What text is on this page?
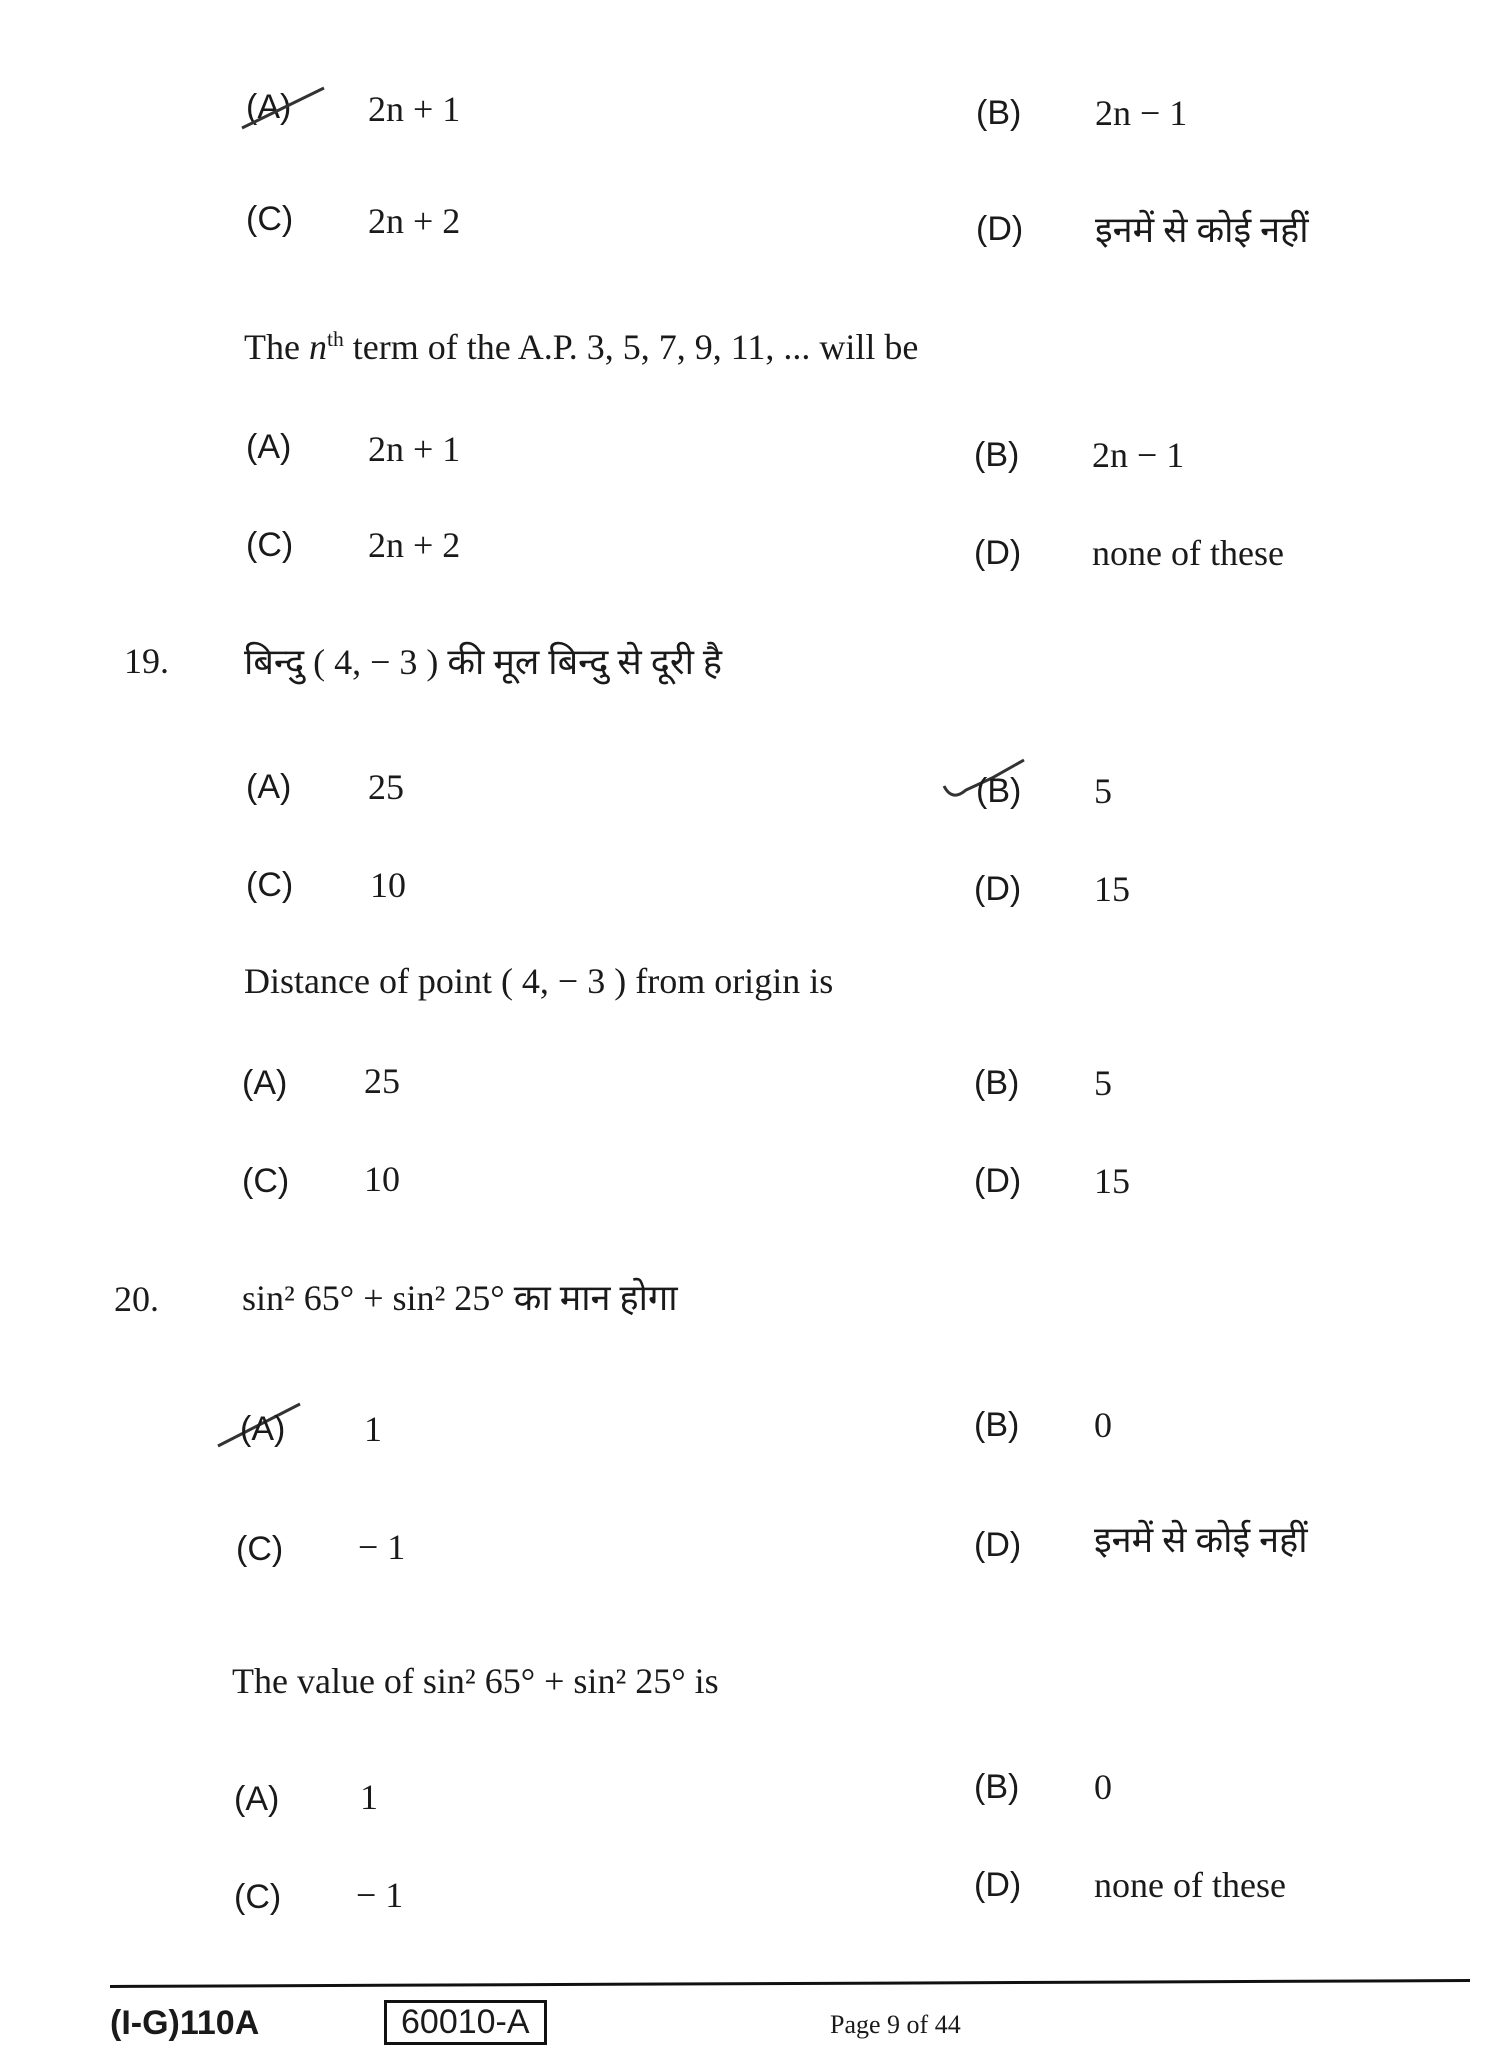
(A) 2n + 1	(B) 2n − 1
(C) 2n + 2	(D) इनमें से कोई नहीं
The $n^{th}$ term of the A.P. 3, 5, 7, 9, 11, ... will be
(A) 2n + 1	(B) 2n − 1
(C) 2n + 2	(D) none of these
19. बिन्दु ( 4, − 3 ) की मूल बिन्दु से दूरी है
(A) 25	(B) 5
(C) 10	(D) 15
Distance of point ( 4, − 3 ) from origin is
(A) 25	(B) 5
(C) 10	(D) 15
20. sin² 65° + sin² 25° का मान होगा
(A) 1	(B) 0
(C) − 1	(D) इनमें से कोई नहीं
The value of sin² 65° + sin² 25° is
(A) 1	(B) 0
(C) − 1	(D) none of these
(I-G)110A	60010-A	Page 9 of 44
